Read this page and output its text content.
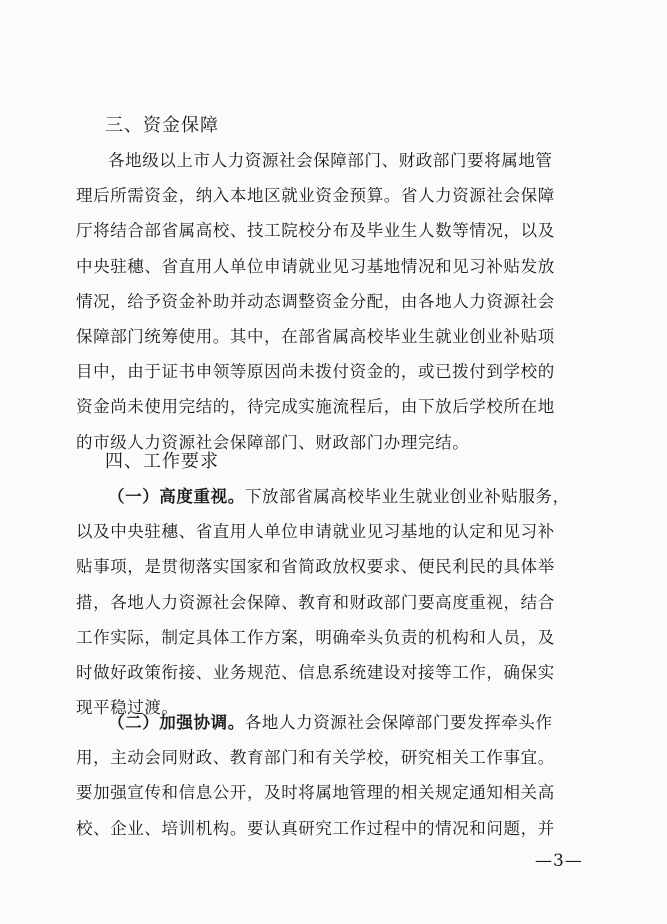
三、资金保障
各地级以上市人力资源社会保障部门、财政部门要将属地管
理后所需资金，纳入本地区就业资金预算。省人力资源社会保障
厅将结合部省属高校、技工院校分布及毕业生人数等情况，以及
中央驻穗、省直用人单位申请就业见习基地情况和见习补贴发放
情况，给予资金补助并动态调整资金分配，由各地人力资源社会
保障部门统筹使用。其中，在部省属高校毕业生就业创业补贴项
目中，由于证书申领等原因尚未拨付资金的，或已拨付到学校的
资金尚未使用完结的，待完成实施流程后，由下放后学校所在地
的市级人力资源社会保障部门、财政部门办理完结。
四、工作要求
（一）高度重视。下放部省属高校毕业生就业创业补贴服务，
以及中央驻穗、省直用人单位申请就业见习基地的认定和见习补
贴事项，是贯彻落实国家和省简政放权要求、便民利民的具体举
措，各地人力资源社会保障、教育和财政部门要高度重视，结合
工作实际，制定具体工作方案，明确牵头负责的机构和人员，及
时做好政策衔接、业务规范、信息系统建设对接等工作，确保实
现平稳过渡。
（二）加强协调。各地人力资源社会保障部门要发挥牵头作
用，主动会同财政、教育部门和有关学校，研究相关工作事宜。
要加强宣传和信息公开，及时将属地管理的相关规定通知相关高
校、企业、培训机构。要认真研究工作过程中的情况和问题，并
—3—
